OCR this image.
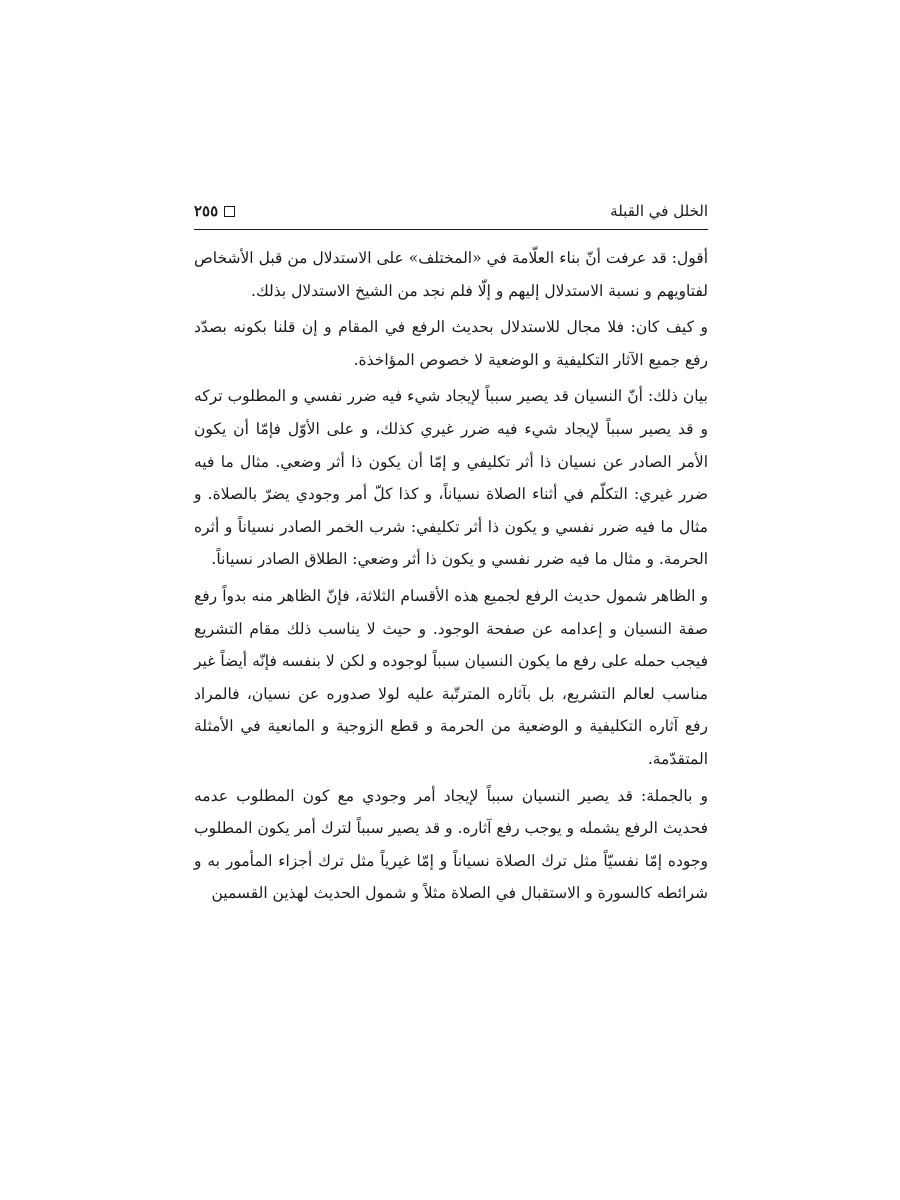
٢٥٥	الخلل في القبلة

أقول: قد عرفت أنّ بناء العلّامة في «المختلف» على الاستدلال من قبل الأشخاص لفتاويهم و نسبة الاستدلال إليهم و إلّا فلم نجد من الشيخ الاستدلال بذلك.

و كيف كان: فلا مجال للاستدلال بحديث الرفع في المقام و إن قلنا بكونه بصدّد رفع جميع الآثار التكليفية و الوضعية لا خصوص المؤاخذة.

بيان ذلك: أنّ النسيان قد يصير سبباً لإيجاد شيء فيه ضرر نفسي و المطلوب تركه و قد يصير سبباً لإيجاد شيء فيه ضرر غيري كذلك، و على الأوّل فإمّا أن يكون الأمر الصادر عن نسيان ذا أثر تكليفي و إمّا أن يكون ذا أثر وضعي. مثال ما فيه ضرر غيري: التكلّم في أثناء الصلاة نسياناً، و كذا كلّ أمر وجودي يضرّ بالصلاة. و مثال ما فيه ضرر نفسي و يكون ذا أثر تكليفي: شرب الخمر الصادر نسياناً و أثره الحرمة. و مثال ما فيه ضرر نفسي و يكون ذا أثر وضعي: الطلاق الصادر نسياناً.

و الظاهر شمول حديث الرفع لجميع هذه الأقسام الثلاثة، فإنّ الظاهر منه بدواً رفع صفة النسيان و إعدامه عن صفحة الوجود. و حيث لا يناسب ذلك مقام التشريع فيجب حمله على رفع ما يكون النسيان سبباً لوجوده و لكن لا بنفسه فإنّه أيضاً غير مناسب لعالم التشريع، بل بآثاره المترتّبة عليه لولا صدوره عن نسيان، فالمراد رفع آثاره التكليفية و الوضعية من الحرمة و قطع الزوجية و المانعية في الأمثلة المتقدّمة.

و بالجملة: قد يصير النسيان سبباً لإيجاد أمر وجودي مع كون المطلوب عدمه فحديث الرفع يشمله و يوجب رفع آثاره. و قد يصير سبباً لترك أمر يكون المطلوب وجوده إمّا نفسيّاً مثل ترك الصلاة نسياناً و إمّا غيرياً مثل ترك أجزاء المأمور به و شرائطه كالسورة و الاستقبال في الصلاة مثلاً و شمول الحديث لهذين القسمين
